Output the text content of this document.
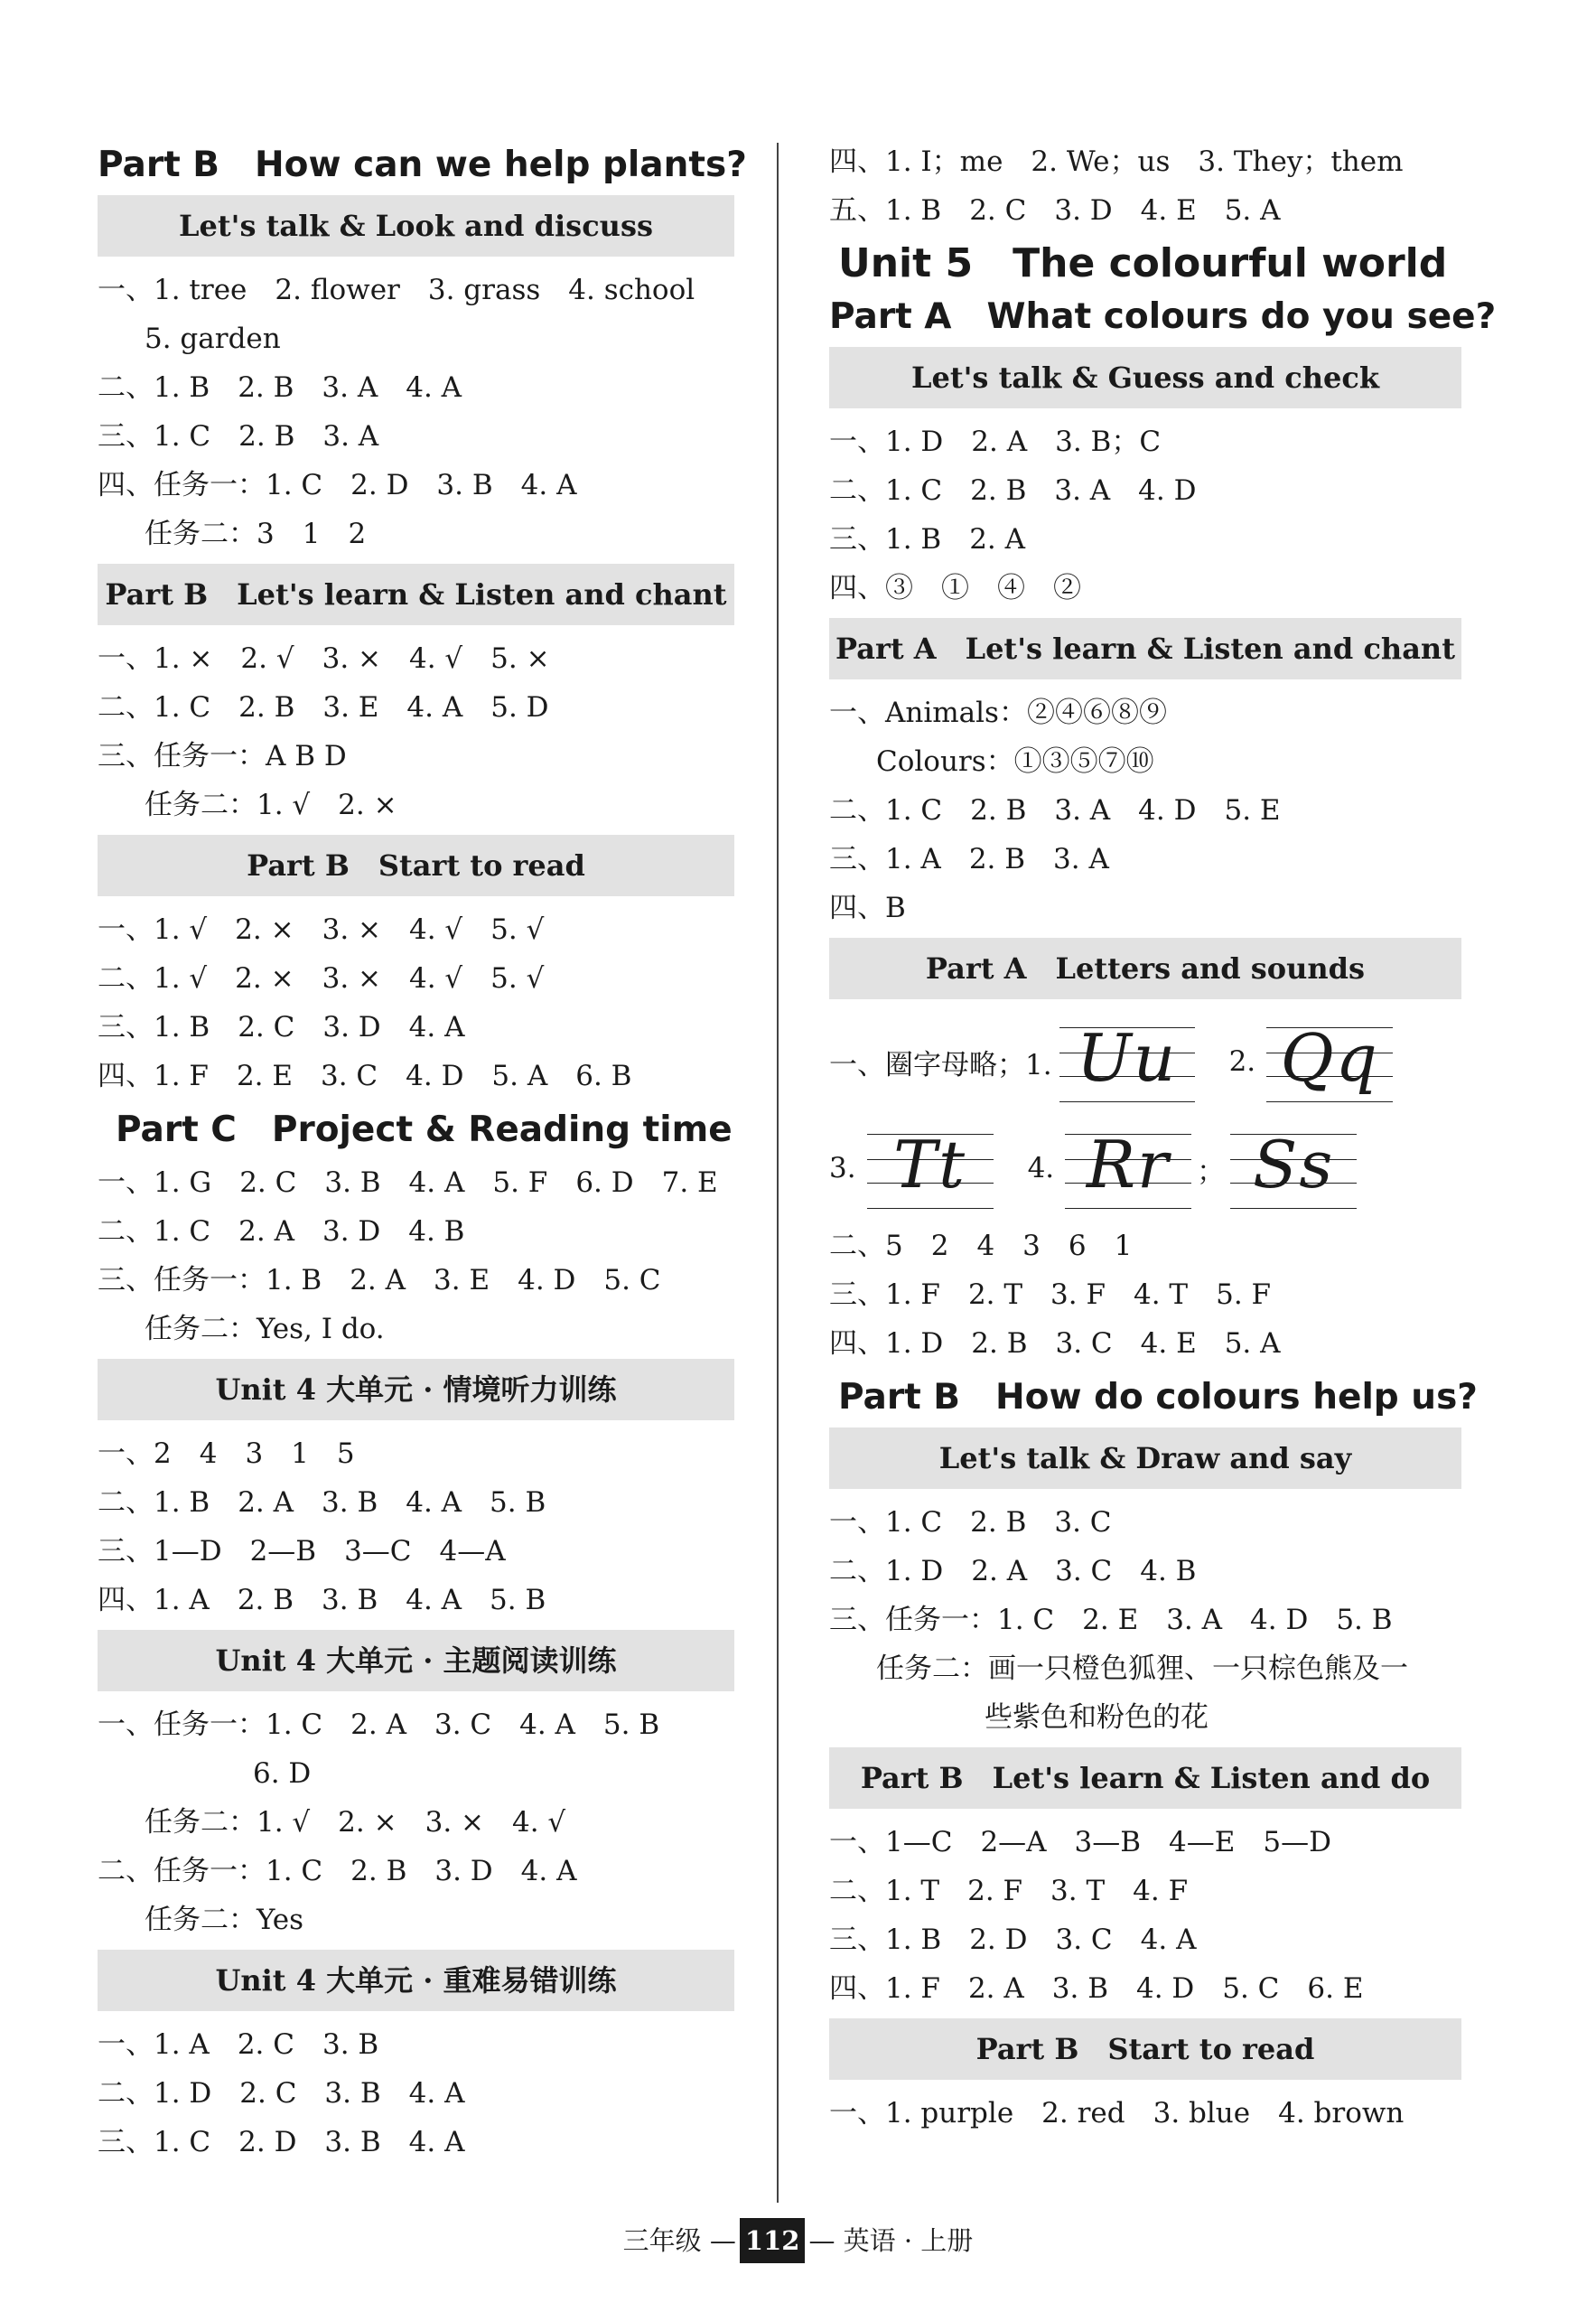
Part B　How can we help plants?
Let's talk & Look and discuss
一、1. tree　2. flower　3. grass　4. school
5. garden
二、1. B　2. B　3. A　4. A
三、1. C　2. B　3. A
四、任务一：1. C　2. D　3. B　4. A
任务二：3　1　2
Part B　Let's learn & Listen and chant
一、1. ×　2. √　3. ×　4. √　5. ×
二、1. C　2. B　3. E　4. A　5. D
三、任务一：A B D
任务二：1. √　2. ×
Part B　Start to read
一、1. √　2. ×　3. ×　4. √　5. √
二、1. √　2. ×　3. ×　4. √　5. √
三、1. B　2. C　3. D　4. A
四、1. F　2. E　3. C　4. D　5. A　6. B
Part C　Project & Reading time
一、1. G　2. C　3. B　4. A　5. F　6. D　7. E
二、1. C　2. A　3. D　4. B
三、任务一：1. B　2. A　3. E　4. D　5. C
任务二：Yes, I do.
Unit 4 大单元 · 情境听力训练
一、2　4　3　1　5
二、1. B　2. A　3. B　4. A　5. B
三、1—D　2—B　3—C　4—A
四、1. A　2. B　3. B　4. A　5. B
Unit 4 大单元 · 主题阅读训练
一、任务一：1. C　2. A　3. C　4. A　5. B
6. D
任务二：1. √　2. ×　3. ×　4. √
二、任务一：1. C　2. B　3. D　4. A
任务二：Yes
Unit 4 大单元 · 重难易错训练
一、1. A　2. C　3. B
二、1. D　2. C　3. B　4. A
三、1. C　2. D　3. B　4. A
四、1. I；me　2. We；us　3. They；them
五、1. B　2. C　3. D　4. E　5. A
Unit 5　The colourful world
Part A　What colours do you see?
Let's talk & Guess and check
一、1. D　2. A　3. B；C
二、1. C　2. B　3. A　4. D
三、1. B　2. A
四、③　①　④　②
Part A　Let's learn & Listen and chant
一、Animals：②④⑥⑧⑨
Colours：①③⑤⑦⑩
二、1. C　2. B　3. A　4. D　5. E
三、1. A　2. B　3. A
四、B
Part A　Letters and sounds
一、圈字母略；1. Uu	2. Qq
3. Tt	4. Rr ； Ss
二、5　2　4　3　6　1
三、1. F　2. T　3. F　4. T　5. F
四、1. D　2. B　3. C　4. E　5. A
Part B　How do colours help us?
Let's talk & Draw and say
一、1. C　2. B　3. C
二、1. D　2. A　3. C　4. B
三、任务一：1. C　2. E　3. A　4. D　5. B
任务二：画一只橙色狐狸、一只棕色熊及一
些紫色和粉色的花
Part B　Let's learn & Listen and do
一、1—C　2—A　3—B　4—E　5—D
二、1. T　2. F　3. T　4. F
三、1. B　2. D　3. C　4. A
四、1. F　2. A　3. B　4. D　5. C　6. E
Part B　Start to read
一、1. purple　2. red　3. blue　4. brown
三年级 — 112 — 英语 · 上册
